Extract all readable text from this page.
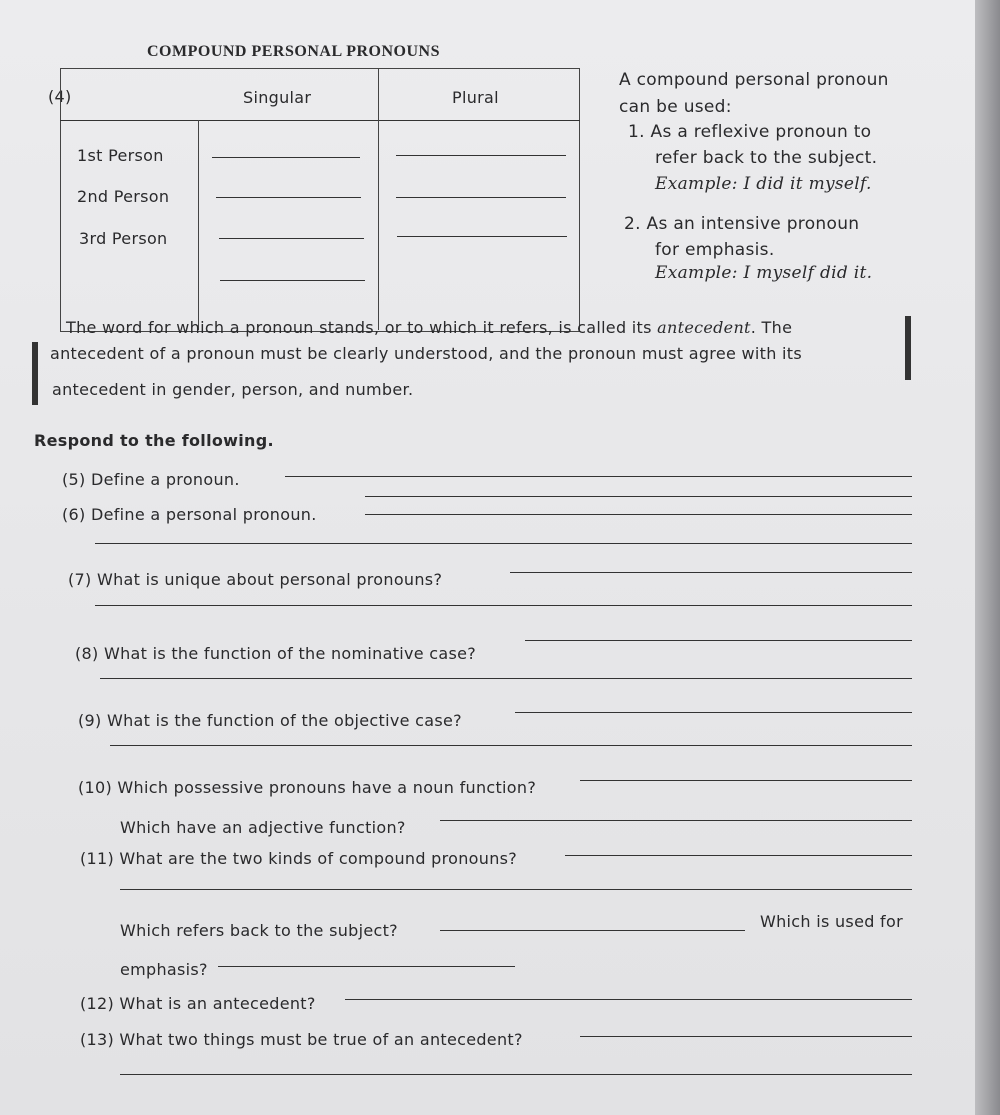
COMPOUND PERSONAL PRONOUNS
(4)	Singular	Plural
1st Person
2nd Person
3rd Person
A compound personal pronoun
can be used:
1. As a reflexive pronoun to
refer back to the subject.
Example: I did it myself.
2. As an intensive pronoun
for emphasis.
Example: I myself did it.
The word for which a pronoun stands, or to which it refers, is called its antecedent. The
antecedent of a pronoun must be clearly understood, and the pronoun must agree with its
antecedent in gender, person, and number.
Respond to the following.
(5) Define a pronoun.
(6) Define a personal pronoun.
(7) What is unique about personal pronouns?
(8) What is the function of the nominative case?
(9) What is the function of the objective case?
(10) Which possessive pronouns have a noun function?
Which have an adjective function?
(11) What are the two kinds of compound pronouns?
Which refers back to the subject?	Which is used for
emphasis?
(12) What is an antecedent?
(13) What two things must be true of an antecedent?
